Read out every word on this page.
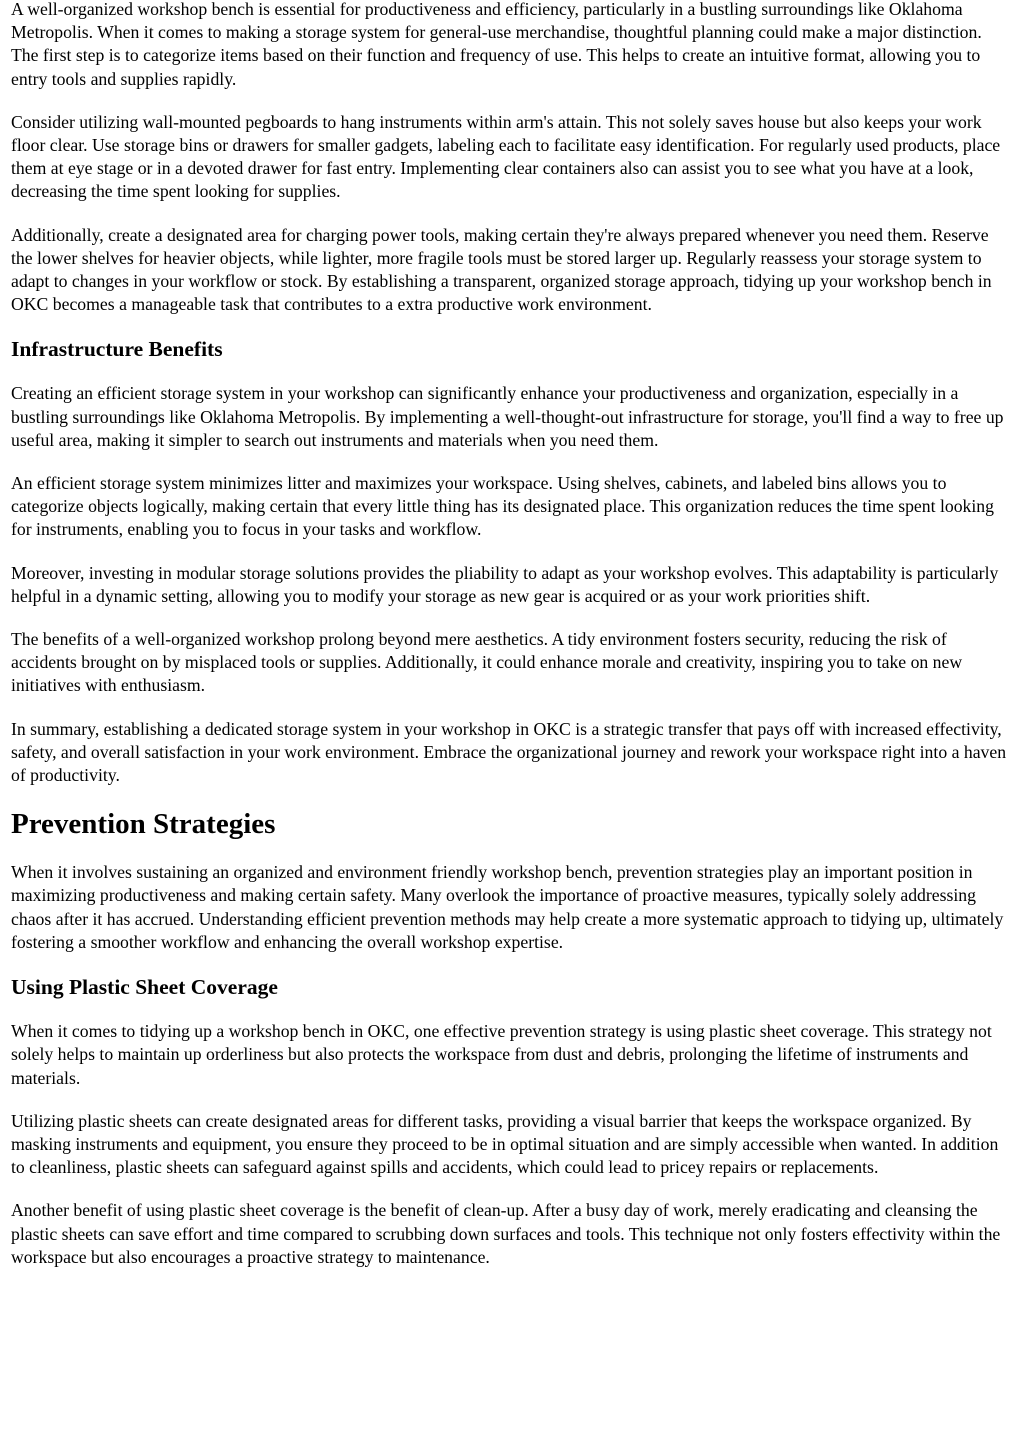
A well-organized workshop bench is essential for productiveness and efficiency, particularly in a bustling surroundings like Oklahoma Metropolis. When it comes to making a storage system for general-use merchandise, thoughtful planning could make a major distinction. The first step is to categorize items based on their function and frequency of use. This helps to create an intuitive format, allowing you to entry tools and supplies rapidly.

Consider utilizing wall-mounted pegboards to hang instruments within arm's attain. This not solely saves house but also keeps your work floor clear. Use storage bins or drawers for smaller gadgets, labeling each to facilitate easy identification. For regularly used products, place them at eye stage or in a devoted drawer for fast entry. Implementing clear containers also can assist you to see what you have at a look, decreasing the time spent looking for supplies.

Additionally, create a designated area for charging power tools, making certain they're always prepared whenever you need them. Reserve the lower shelves for heavier objects, while lighter, more fragile tools must be stored larger up. Regularly reassess your storage system to adapt to changes in your workflow or stock. By establishing a transparent, organized storage approach, tidying up your workshop bench in OKC becomes a manageable task that contributes to a extra productive work environment.

Infrastructure Benefits

Creating an efficient storage system in your workshop can significantly enhance your productiveness and organization, especially in a bustling surroundings like Oklahoma Metropolis. By implementing a well-thought-out infrastructure for storage, you'll find a way to free up useful area, making it simpler to search out instruments and materials when you need them.

An efficient storage system minimizes litter and maximizes your workspace. Using shelves, cabinets, and labeled bins allows you to categorize objects logically, making certain that every little thing has its designated place. This organization reduces the time spent looking for instruments, enabling you to focus in your tasks and workflow.

Moreover, investing in modular storage solutions provides the pliability to adapt as your workshop evolves. This adaptability is particularly helpful in a dynamic setting, allowing you to modify your storage as new gear is acquired or as your work priorities shift.

The benefits of a well-organized workshop prolong beyond mere aesthetics. A tidy environment fosters security, reducing the risk of accidents brought on by misplaced tools or supplies. Additionally, it could enhance morale and creativity, inspiring you to take on new initiatives with enthusiasm.

In summary, establishing a dedicated storage system in your workshop in OKC is a strategic transfer that pays off with increased effectivity, safety, and overall satisfaction in your work environment. Embrace the organizational journey and rework your workspace right into a haven of productivity.

Prevention Strategies

When it involves sustaining an organized and environment friendly workshop bench, prevention strategies play an important position in maximizing productiveness and making certain safety. Many overlook the importance of proactive measures, typically solely addressing chaos after it has accrued. Understanding efficient prevention methods may help create a more systematic approach to tidying up, ultimately fostering a smoother workflow and enhancing the overall workshop expertise.

Using Plastic Sheet Coverage

When it comes to tidying up a workshop bench in OKC, one effective prevention strategy is using plastic sheet coverage. This strategy not solely helps to maintain up orderliness but also protects the workspace from dust and debris, prolonging the lifetime of instruments and materials.

Utilizing plastic sheets can create designated areas for different tasks, providing a visual barrier that keeps the workspace organized. By masking instruments and equipment, you ensure they proceed to be in optimal situation and are simply accessible when wanted. In addition to cleanliness, plastic sheets can safeguard against spills and accidents, which could lead to pricey repairs or replacements.

Another benefit of using plastic sheet coverage is the benefit of clean-up. After a busy day of work, merely eradicating and cleansing the plastic sheets can save effort and time compared to scrubbing down surfaces and tools. This technique not only fosters effectivity within the workspace but also encourages a proactive strategy to maintenance.
